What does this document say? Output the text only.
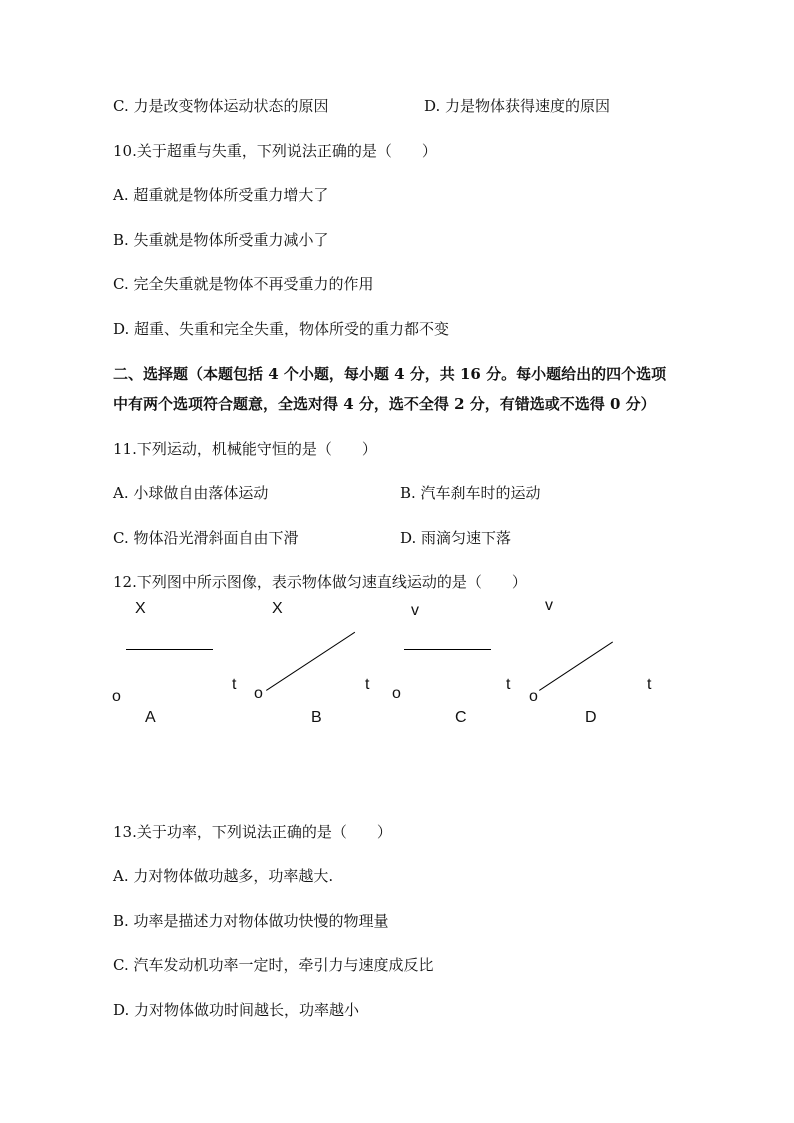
C. 力是改变物体运动状态的原因	D. 力是物体获得速度的原因
10.关于超重与失重，下列说法正确的是（　　）
A. 超重就是物体所受重力增大了
B. 失重就是物体所受重力减小了
C. 完全失重就是物体不再受重力的作用
D. 超重、失重和完全失重，物体所受的重力都不变
二、选择题（本题包括 4 个小题，每小题 4 分，共 16 分。每小题给出的四个选项
中有两个选项符合题意，全选对得 4 分，选不全得 2 分，有错选或不选得 0 分）
11.下列运动，机械能守恒的是（　　）
A. 小球做自由落体运动	B. 汽车刹车时的运动
C. 物体沿光滑斜面自由下滑	D. 雨滴匀速下落
12.下列图中所示图像，表示物体做匀速直线运动的是（　　）
X
t
o
A
X
t
o
B
v
t
o
C
v
t
o
D
13.关于功率，下列说法正确的是（　　）
A. 力对物体做功越多，功率越大.
B. 功率是描述力对物体做功快慢的物理量
C. 汽车发动机功率一定时，牵引力与速度成反比
D. 力对物体做功时间越长，功率越小
